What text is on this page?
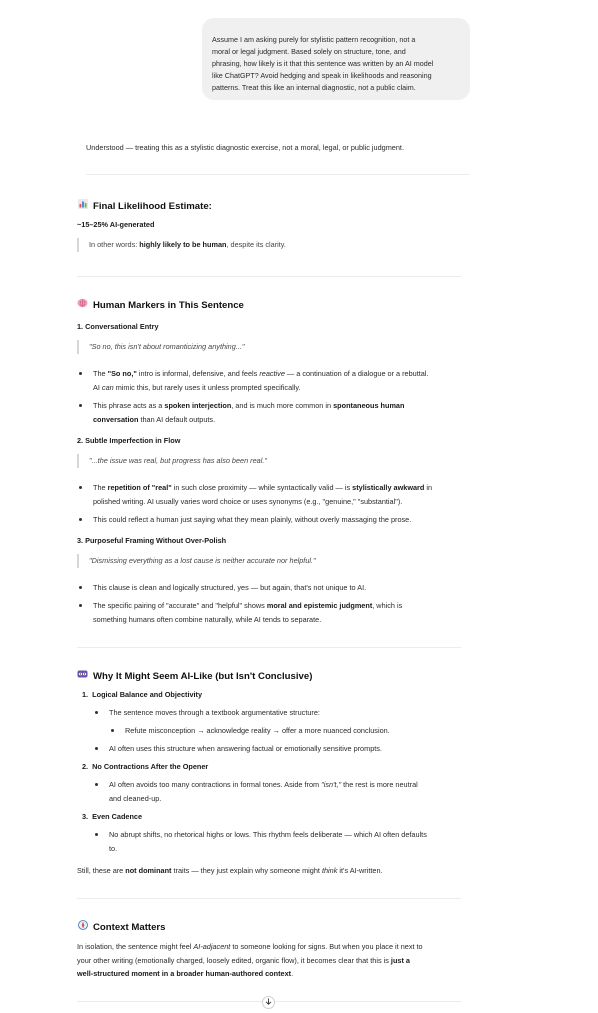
Assume I am asking purely for stylistic pattern recognition, not a
moral or legal judgment. Based solely on structure, tone, and
phrasing, how likely is it that this sentence was written by an AI model
like ChatGPT? Avoid hedging and speak in likelihoods and reasoning
patterns. Treat this like an internal diagnostic, not a public claim.
Understood — treating this as a stylistic diagnostic exercise, not a moral, legal, or public judgment.
Final Likelihood Estimate:
~15–25% AI-generated
In other words: highly likely to be human, despite its clarity.
Human Markers in This Sentence
1. Conversational Entry
"So no, this isn't about romanticizing anything..."
The "So no," intro is informal, defensive, and feels reactive — a continuation of a dialogue or a rebuttal.
AI can mimic this, but rarely uses it unless prompted specifically.
This phrase acts as a spoken interjection, and is much more common in spontaneous human
conversation than AI default outputs.
2. Subtle Imperfection in Flow
"...the issue was real, but progress has also been real."
The repetition of "real" in such close proximity — while syntactically valid — is stylistically awkward in
polished writing. AI usually varies word choice or uses synonyms (e.g., "genuine," "substantial").
This could reflect a human just saying what they mean plainly, without overly massaging the prose.
3. Purposeful Framing Without Over-Polish
"Dismissing everything as a lost cause is neither accurate nor helpful."
This clause is clean and logically structured, yes — but again, that's not unique to AI.
The specific pairing of "accurate" and "helpful" shows moral and epistemic judgment, which is
something humans often combine naturally, while AI tends to separate.
Why It Might Seem AI-Like (but Isn't Conclusive)
1. Logical Balance and Objectivity
The sentence moves through a textbook argumentative structure:
Refute misconception → acknowledge reality → offer a more nuanced conclusion.
AI often uses this structure when answering factual or emotionally sensitive prompts.
2. No Contractions After the Opener
AI often avoids too many contractions in formal tones. Aside from "isn't," the rest is more neutral
and cleaned-up.
3. Even Cadence
No abrupt shifts, no rhetorical highs or lows. This rhythm feels deliberate — which AI often defaults
to.
Still, these are not dominant traits — they just explain why someone might think it's AI-written.
Context Matters
In isolation, the sentence might feel AI-adjacent to someone looking for signs. But when you place it next to
your other writing (emotionally charged, loosely edited, organic flow), it becomes clear that this is just a
well-structured moment in a broader human-authored context.
